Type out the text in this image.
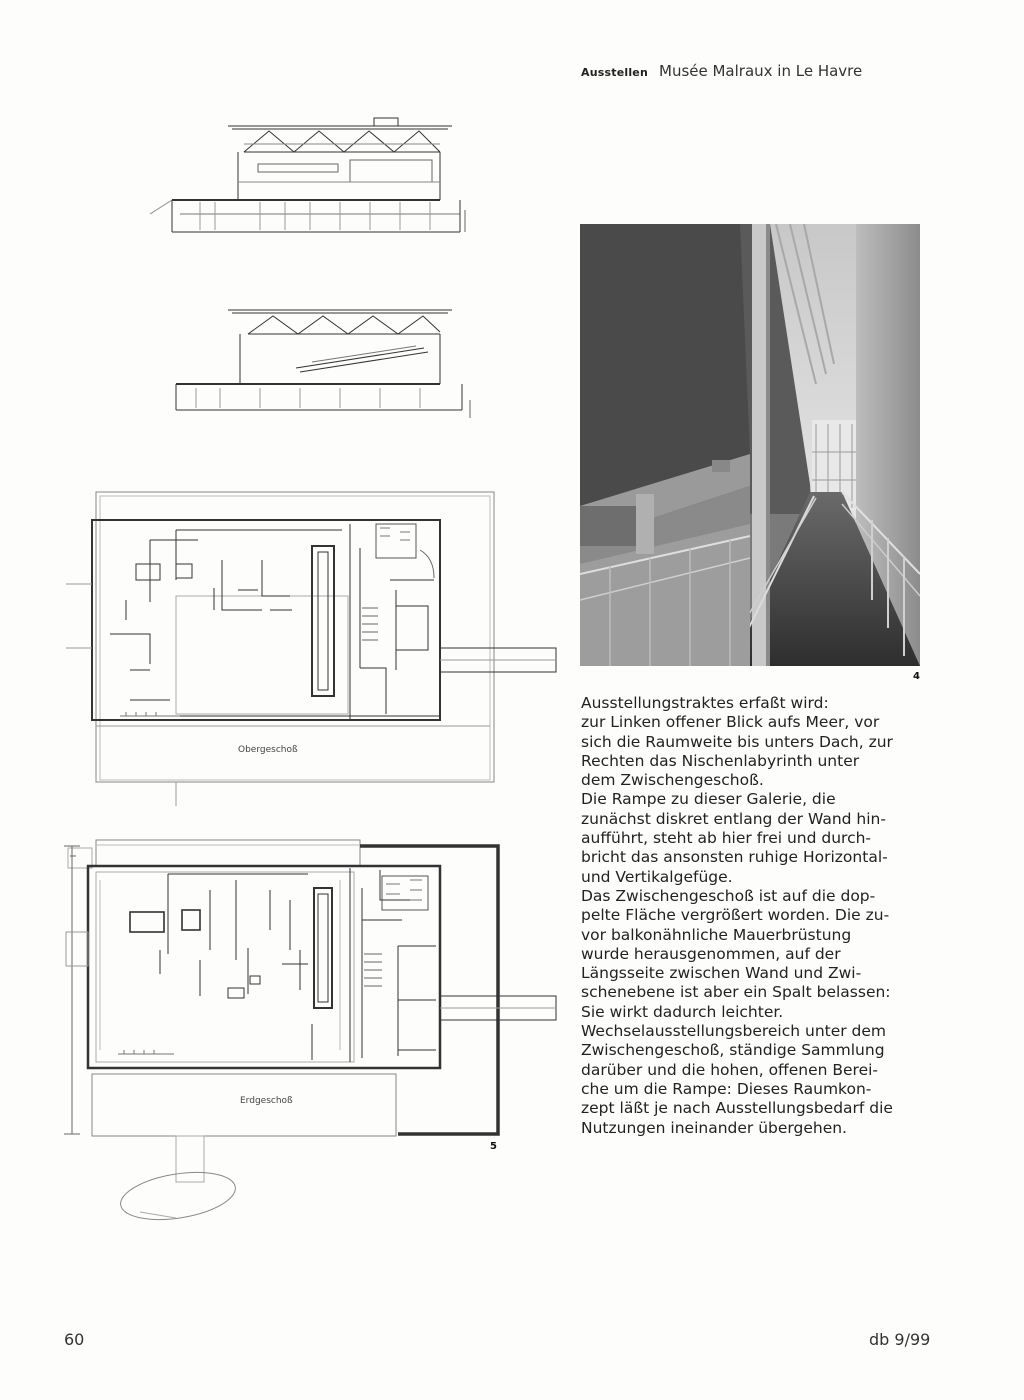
Ausstellen Musée Malraux in Le Havre
Obergeschoß
Erdgeschoß
5
4
Ausstellungstraktes erfaßt wird:
zur Linken offener Blick aufs Meer, vor
sich die Raumweite bis unters Dach, zur
Rechten das Nischenlabyrinth unter
dem Zwischengeschoß.
Die Rampe zu dieser Galerie, die
zunächst diskret entlang der Wand hin-
aufführt, steht ab hier frei und durch-
bricht das ansonsten ruhige Horizontal-
und Vertikalgefüge.
Das Zwischengeschoß ist auf die dop-
pelte Fläche vergrößert worden. Die zu-
vor balkonähnliche Mauerbrüstung
wurde herausgenommen, auf der
Längsseite zwischen Wand und Zwi-
schenebene ist aber ein Spalt belassen:
Sie wirkt dadurch leichter.
Wechselausstellungsbereich unter dem
Zwischengeschoß, ständige Sammlung
darüber und die hohen, offenen Berei-
che um die Rampe: Dieses Raumkon-
zept läßt je nach Ausstellungsbedarf die
Nutzungen ineinander übergehen.
60	db 9/99
